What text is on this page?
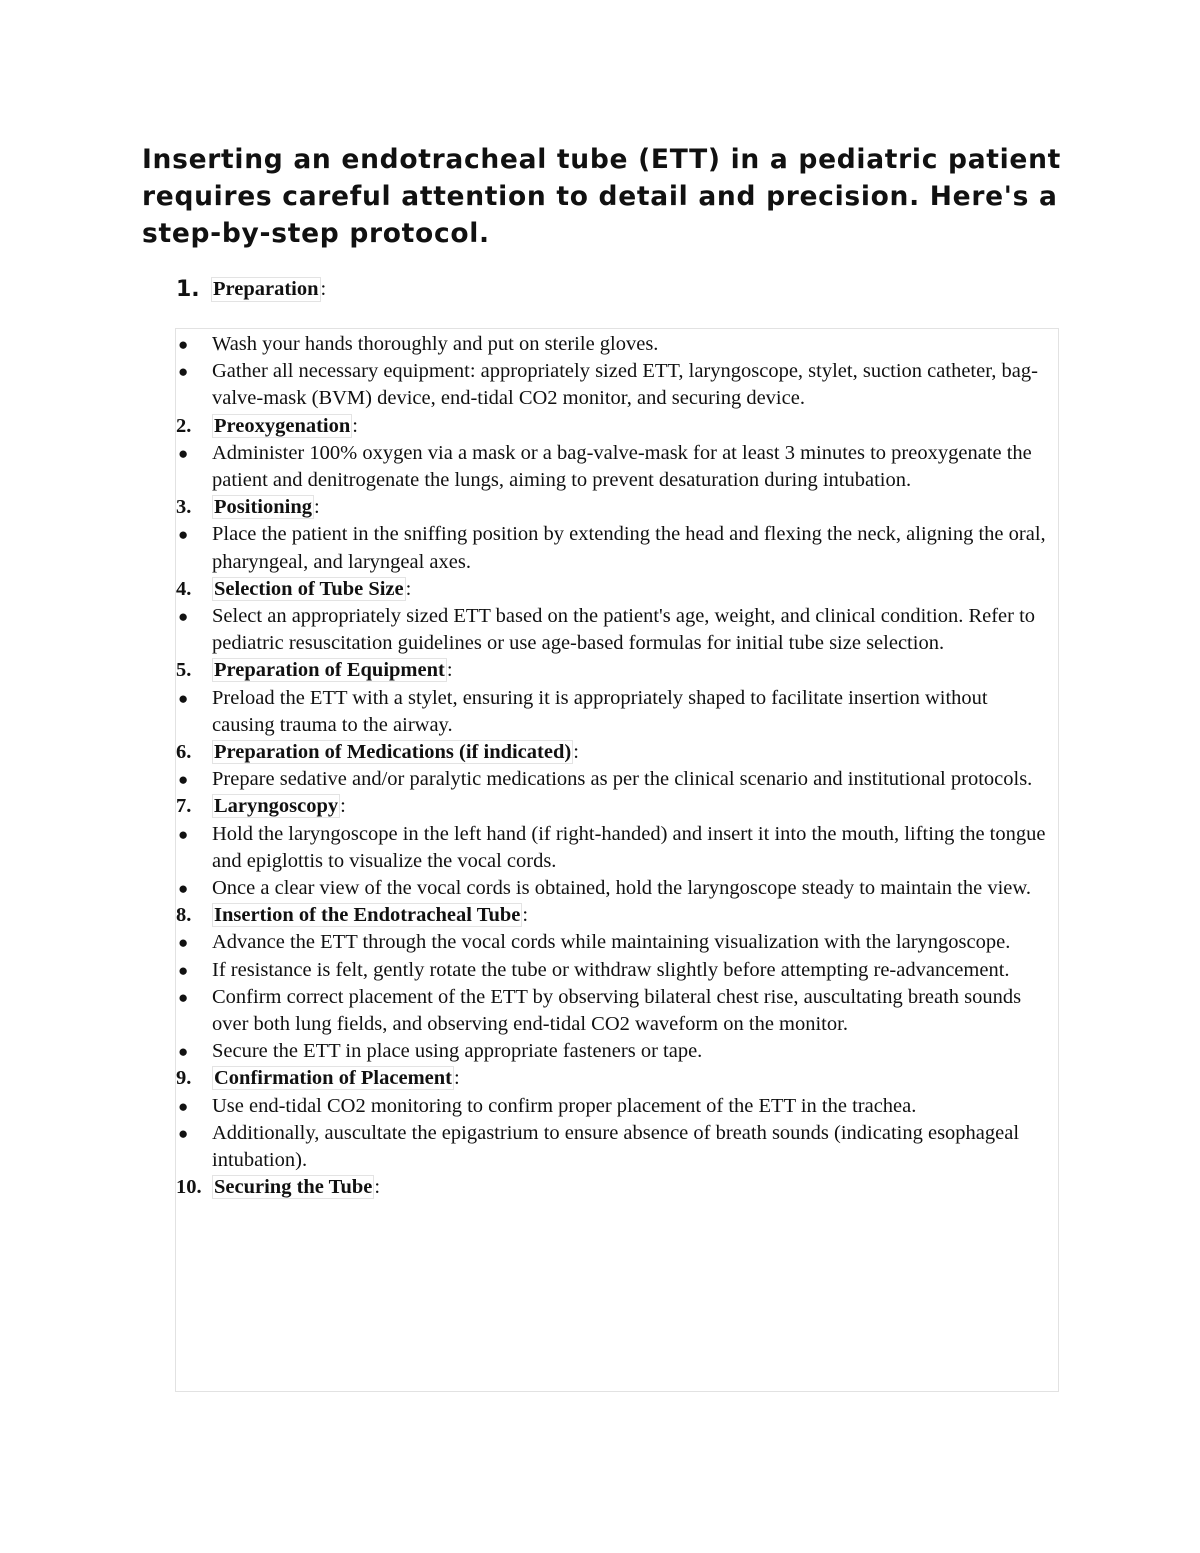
Inserting an endotracheal tube (ETT) in a pediatric patient requires careful attention to detail and precision. Here's a step-by-step protocol.
1. Preparation :
● Wash your hands thoroughly and put on sterile gloves.
● Gather all necessary equipment: appropriately sized ETT, laryngoscope, stylet, suction catheter, bag-valve-mask (BVM) device, end-tidal CO2 monitor, and securing device.
2. Preoxygenation:
● Administer 100% oxygen via a mask or a bag-valve-mask for at least 3 minutes to preoxygenate the patient and denitrogenate the lungs, aiming to prevent desaturation during intubation.
3. Positioning:
● Place the patient in the sniffing position by extending the head and flexing the neck, aligning the oral, pharyngeal, and laryngeal axes.
4. Selection of Tube Size:
● Select an appropriately sized ETT based on the patient's age, weight, and clinical condition. Refer to pediatric resuscitation guidelines or use age-based formulas for initial tube size selection.
5. Preparation of Equipment:
● Preload the ETT with a stylet, ensuring it is appropriately shaped to facilitate insertion without causing trauma to the airway.
6. Preparation of Medications (if indicated):
● Prepare sedative and/or paralytic medications as per the clinical scenario and institutional protocols.
7. Laryngoscopy:
● Hold the laryngoscope in the left hand (if right-handed) and insert it into the mouth, lifting the tongue and epiglottis to visualize the vocal cords.
● Once a clear view of the vocal cords is obtained, hold the laryngoscope steady to maintain the view.
8. Insertion of the Endotracheal Tube:
● Advance the ETT through the vocal cords while maintaining visualization with the laryngoscope.
● If resistance is felt, gently rotate the tube or withdraw slightly before attempting re-advancement.
● Confirm correct placement of the ETT by observing bilateral chest rise, auscultating breath sounds over both lung fields, and observing end-tidal CO2 waveform on the monitor.
● Secure the ETT in place using appropriate fasteners or tape.
9. Confirmation of Placement:
● Use end-tidal CO2 monitoring to confirm proper placement of the ETT in the trachea.
● Additionally, auscultate the epigastrium to ensure absence of breath sounds (indicating esophageal intubation).
10. Securing the Tube:
